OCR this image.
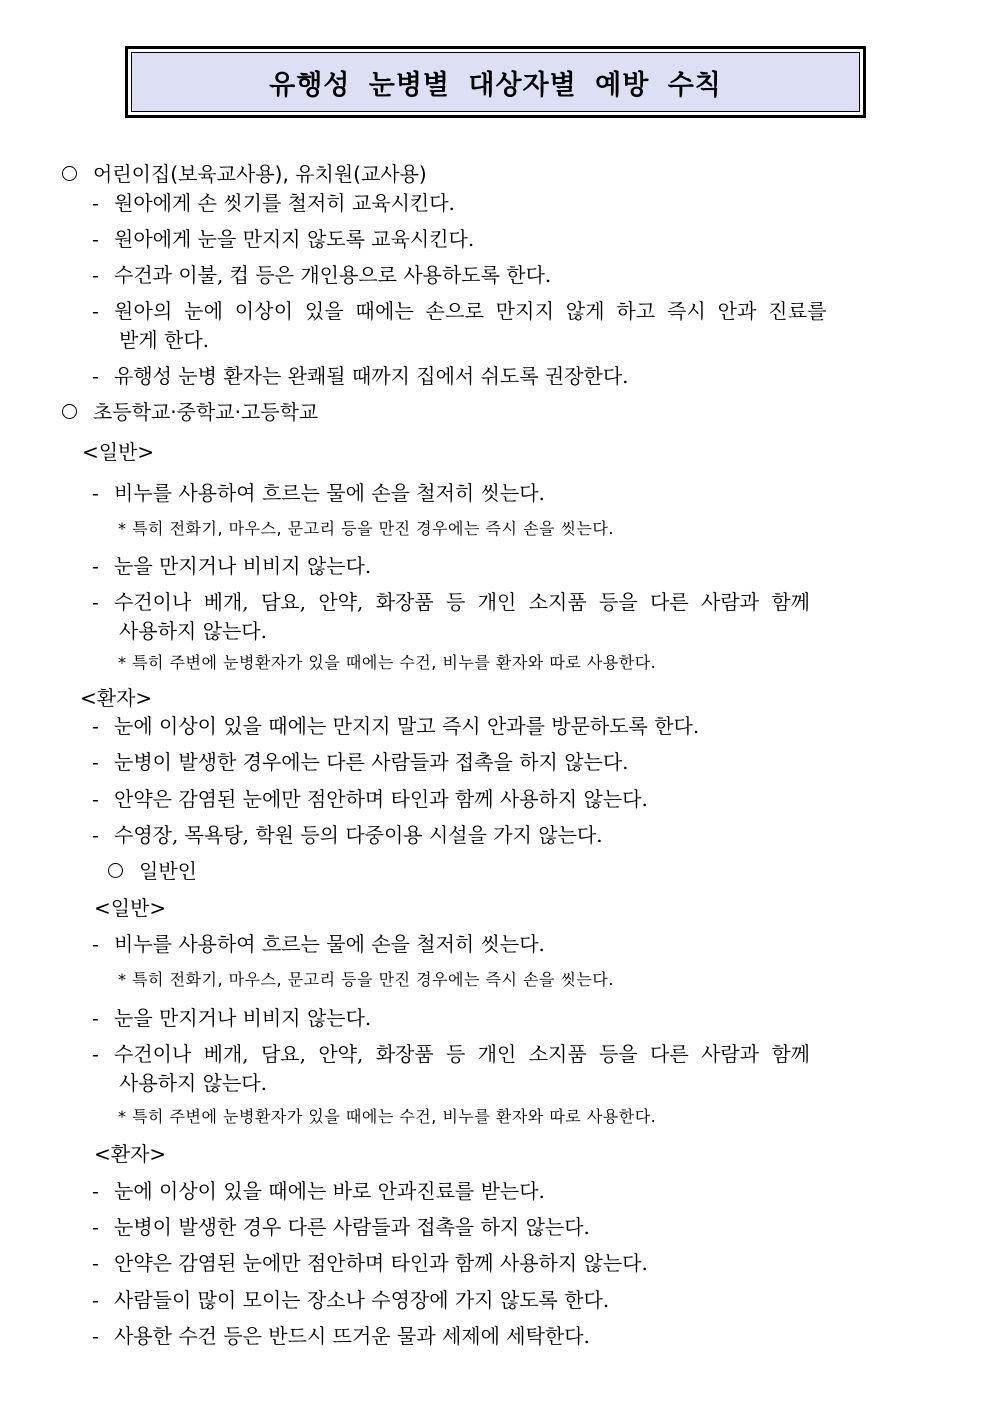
유행성 눈병별 대상자별 예방 수칙
어린이집(보육교사용), 유치원(교사용)
- 원아에게 손 씻기를 철저히 교육시킨다.
- 원아에게 눈을 만지지 않도록 교육시킨다.
- 수건과 이불, 컵 등은 개인용으로 사용하도록 한다.
- 원아의 눈에 이상이 있을 때에는 손으로 만지지 않게 하고 즉시 안과 진료를
받게 한다.
- 유행성 눈병 환자는 완쾌될 때까지 집에서 쉬도록 권장한다.
초등학교·중학교·고등학교
<일반>
- 비누를 사용하여 흐르는 물에 손을 철저히 씻는다.
* 특히 전화기, 마우스, 문고리 등을 만진 경우에는 즉시 손을 씻는다.
- 눈을 만지거나 비비지 않는다.
- 수건이나 베개, 담요, 안약, 화장품 등 개인 소지품 등을 다른 사람과 함께
사용하지 않는다.
* 특히 주변에 눈병환자가 있을 때에는 수건, 비누를 환자와 따로 사용한다.
<환자>
- 눈에 이상이 있을 때에는 만지지 말고 즉시 안과를 방문하도록 한다.
- 눈병이 발생한 경우에는 다른 사람들과 접촉을 하지 않는다.
- 안약은 감염된 눈에만 점안하며 타인과 함께 사용하지 않는다.
- 수영장, 목욕탕, 학원 등의 다중이용 시설을 가지 않는다.
일반인
<일반>
- 비누를 사용하여 흐르는 물에 손을 철저히 씻는다.
* 특히 전화기, 마우스, 문고리 등을 만진 경우에는 즉시 손을 씻는다.
- 눈을 만지거나 비비지 않는다.
- 수건이나 베개, 담요, 안약, 화장품 등 개인 소지품 등을 다른 사람과 함께
사용하지 않는다.
* 특히 주변에 눈병환자가 있을 때에는 수건, 비누를 환자와 따로 사용한다.
<환자>
- 눈에 이상이 있을 때에는 바로 안과진료를 받는다.
- 눈병이 발생한 경우 다른 사람들과 접촉을 하지 않는다.
- 안약은 감염된 눈에만 점안하며 타인과 함께 사용하지 않는다.
- 사람들이 많이 모이는 장소나 수영장에 가지 않도록 한다.
- 사용한 수건 등은 반드시 뜨거운 물과 세제에 세탁한다.
